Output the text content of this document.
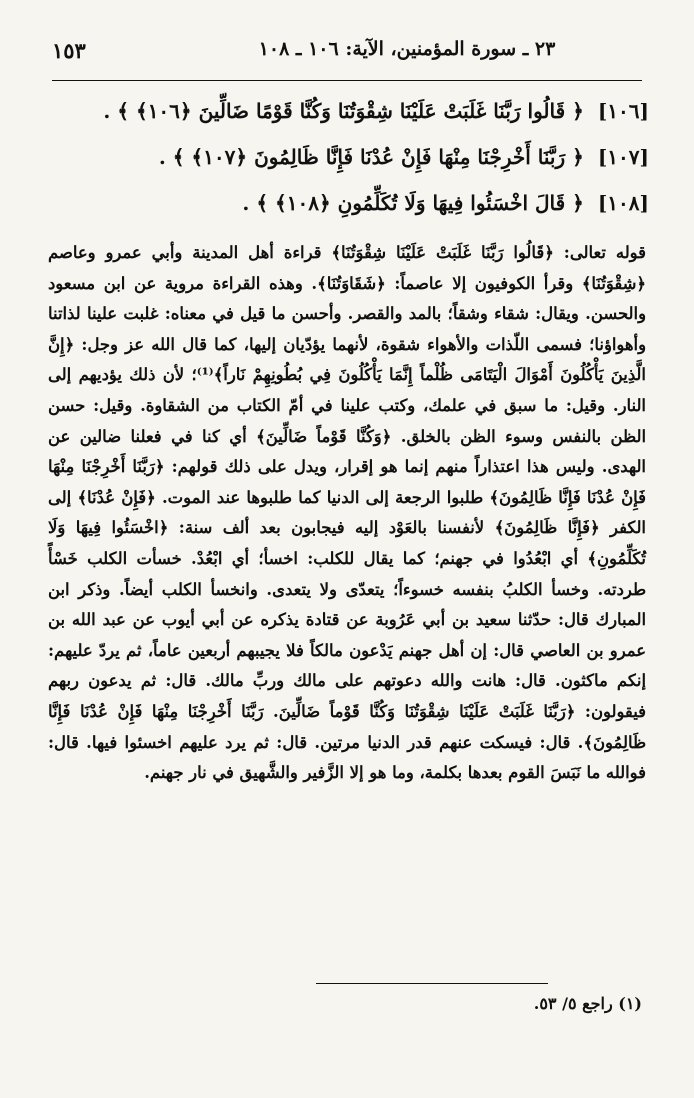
٢٣ ـ سورة المؤمنين، الآية: ١٠٦ ـ ١٠٨
١٥٣
[١٠٦]﴿ قَالُوا رَبَّنَا غَلَبَتْ عَلَيْنَا شِقْوَتُنَا وَكُنَّا قَوْمًا ضَالِّينَ ﴿١٠٦﴾ ﴾ .
[١٠٧]﴿ رَبَّنَا أَخْرِجْنَا مِنْهَا فَإِنْ عُدْنَا فَإِنَّا ظَالِمُونَ ﴿١٠٧﴾ ﴾ .
[١٠٨]﴿ قَالَ اخْسَئُوا فِيهَا وَلَا تُكَلِّمُونِ ﴿١٠٨﴾ ﴾ .

قوله تعالى: ﴿قَالُوا رَبَّنَا غَلَبَتْ عَلَيْنَا شِقْوَتُنَا﴾ قراءة أهل المدينة وأبي عمرو وعاصم ﴿شِقْوَتُنَا﴾ وقرأ الكوفيون إلا عاصماً: ﴿شَقَاوَتُنَا﴾. وهذه القراءة مروية عن ابن مسعود والحسن. ويقال: شقاء وشقاً؛ بالمد والقصر. وأحسن ما قيل في معناه: غلبت علينا لذاتنا وأهواؤنا؛ فسمى اللّذات والأهواء شقوة، لأنهما يؤدّيان إليها، كما قال الله عز وجل: ﴿إِنَّ الَّذِينَ يَأْكُلُونَ أَمْوَالَ الْيَتَامَى ظُلْماً إِنَّمَا يَأْكُلُونَ فِي بُطُونِهِمْ نَاراً﴾⁽¹⁾؛ لأن ذلك يؤديهم إلى النار. وقيل: ما سبق في علمك، وكتب علينا في أمّ الكتاب من الشقاوة. وقيل: حسن الظن بالنفس وسوء الظن بالخلق. ﴿وَكُنَّا قَوْماً ضَالِّينَ﴾ أي كنا في فعلنا ضالين عن الهدى. وليس هذا اعتذاراً منهم إنما هو إقرار، ويدل على ذلك قولهم: ﴿رَبَّنَا أَخْرِجْنَا مِنْهَا فَإِنْ عُدْنَا فَإِنَّا ظَالِمُونَ﴾ طلبوا الرجعة إلى الدنيا كما طلبوها عند الموت. ﴿فَإِنْ عُدْنَا﴾ إلى الكفر ﴿فَإِنَّا ظَالِمُونَ﴾ لأنفسنا بالعَوْد إليه فيجابون بعد ألف سنة: ﴿اخْسَئُوا فِيهَا وَلَا تُكَلِّمُونِ﴾ أي ابْعُدُوا في جهنم؛ كما يقال للكلب: اخسأ؛ أي ابْعُدْ. خسأت الكلب خَسْأً طردته. وخسأ الكلبُ بنفسه خسوءاً؛ يتعدّى ولا يتعدى. وانخسأ الكلب أيضاً. وذكر ابن المبارك قال: حدّثنا سعيد بن أبي عَرُوبة عن قتادة يذكره عن أبي أيوب عن عبد الله بن عمرو بن العاصي قال: إن أهل جهنم يَدْعون مالكاً فلا يجيبهم أربعين عاماً، ثم يردّ عليهم: إنكم ماكثون. قال: هانت والله دعوتهم على مالك وربِّ مالك. قال: ثم يدعون ربهم فيقولون: ﴿رَبَّنَا غَلَبَتْ عَلَيْنَا شِقْوَتُنَا وَكُنَّا قَوْماً ضَالِّينَ. رَبَّنَا أَخْرِجْنَا مِنْهَا فَإِنْ عُدْنَا فَإِنَّا ظَالِمُونَ﴾. قال: فيسكت عنهم قدر الدنيا مرتين. قال: ثم يرد عليهم اخسئوا فيها. قال: فوالله ما نَبَسَ القوم بعدها بكلمة، وما هو إلا الزَّفير والشَّهيق في نار جهنم.

(١) راجع ٥/ ٥٣.
